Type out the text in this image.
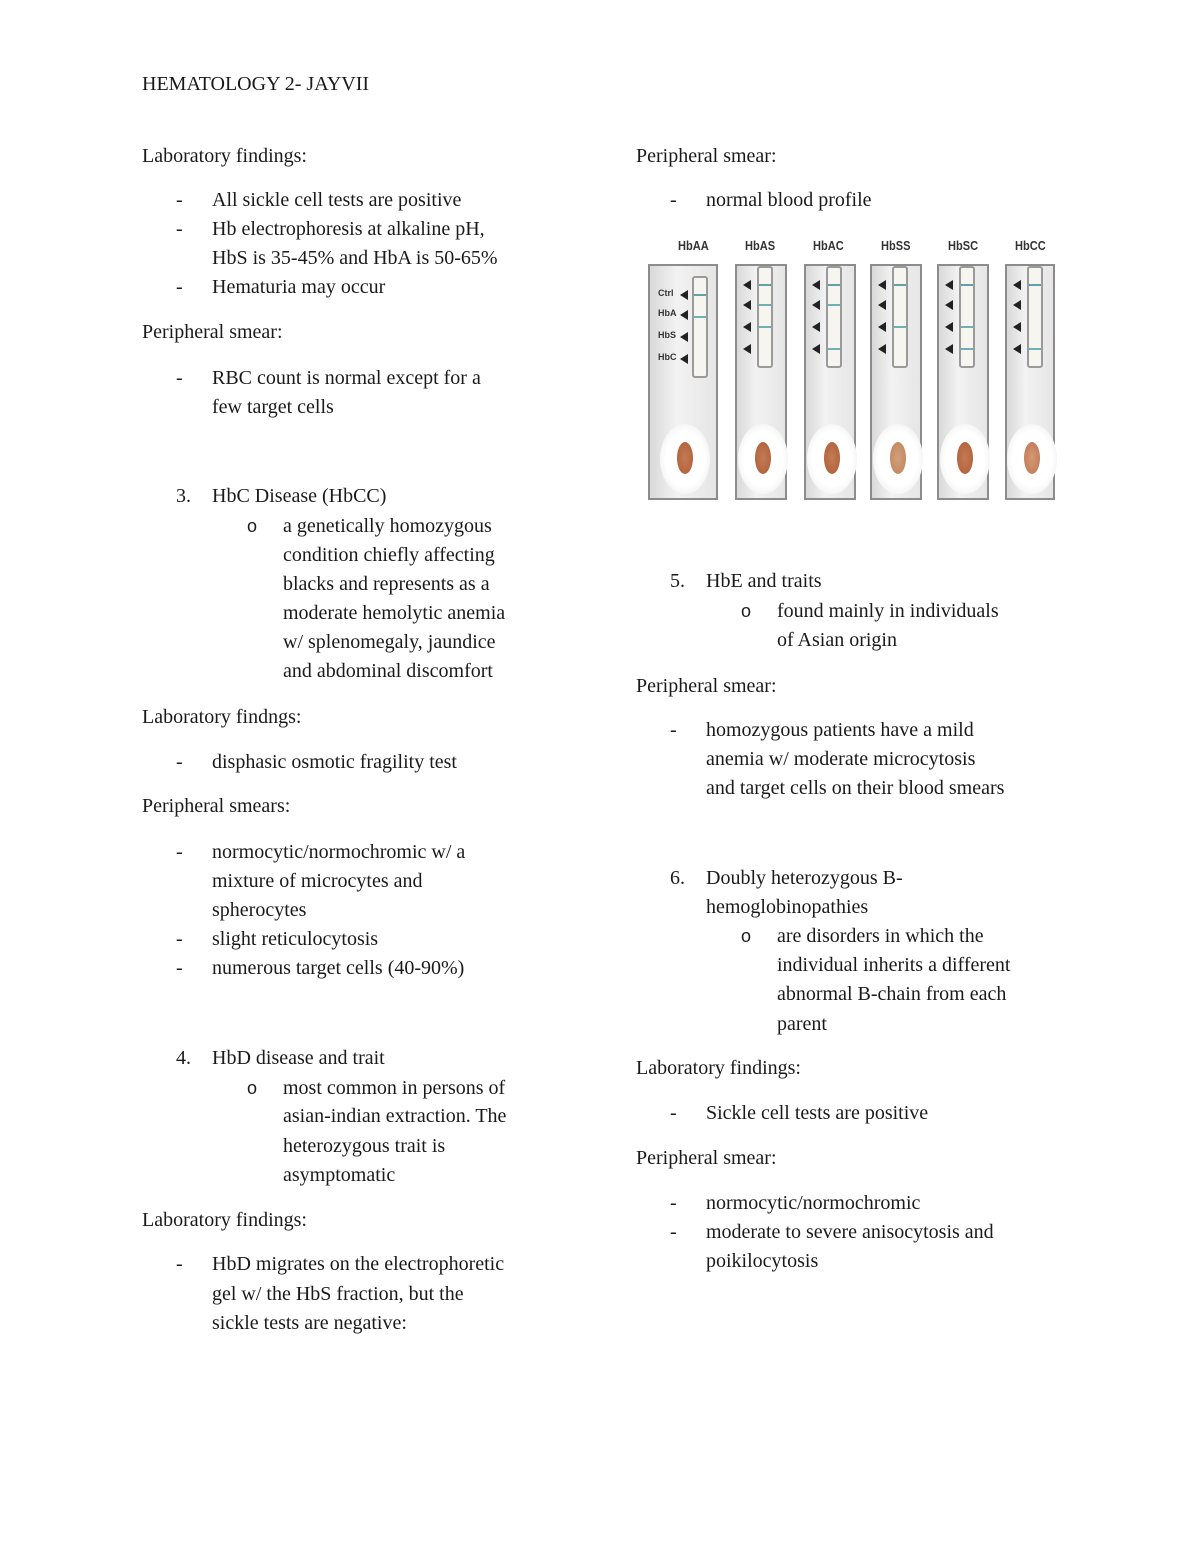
HEMATOLOGY 2- JAYVII
Laboratory findings:
- All sickle cell tests are positive
- Hb electrophoresis at alkaline pH,
HbS is 35-45% and HbA is 50-65%
- Hematuria may occur
Peripheral smear:
- RBC count is normal except for a
few target cells
3. HbC Disease (HbCC)
o a genetically homozygous
condition chiefly affecting
blacks and represents as a
moderate hemolytic anemia
w/ splenomegaly, jaundice
and abdominal discomfort
Laboratory findngs:
- disphasic osmotic fragility test
Peripheral smears:
- normocytic/normochromic w/ a
mixture of microcytes and
spherocytes
- slight reticulocytosis
- numerous target cells (40-90%)
4. HbD disease and trait
o most common in persons of
asian-indian extraction. The
heterozygous trait is
asymptomatic
Laboratory findings:
- HbD migrates on the electrophoretic
gel w/ the HbS fraction, but the
sickle tests are negative:
Peripheral smear:
- normal blood profile
HbAA	HbAS	HbAC	HbSS	HbSC	HbCC
Ctrl
HbA
HbS
HbC
5. HbE and traits
o found mainly in individuals
of Asian origin
Peripheral smear:
- homozygous patients have a mild
anemia w/ moderate microcytosis
and target cells on their blood smears
6. Doubly heterozygous B-
hemoglobinopathies
o are disorders in which the
individual inherits a different
abnormal B-chain from each
parent
Laboratory findings:
- Sickle cell tests are positive
Peripheral smear:
- normocytic/normochromic
- moderate to severe anisocytosis and
poikilocytosis
